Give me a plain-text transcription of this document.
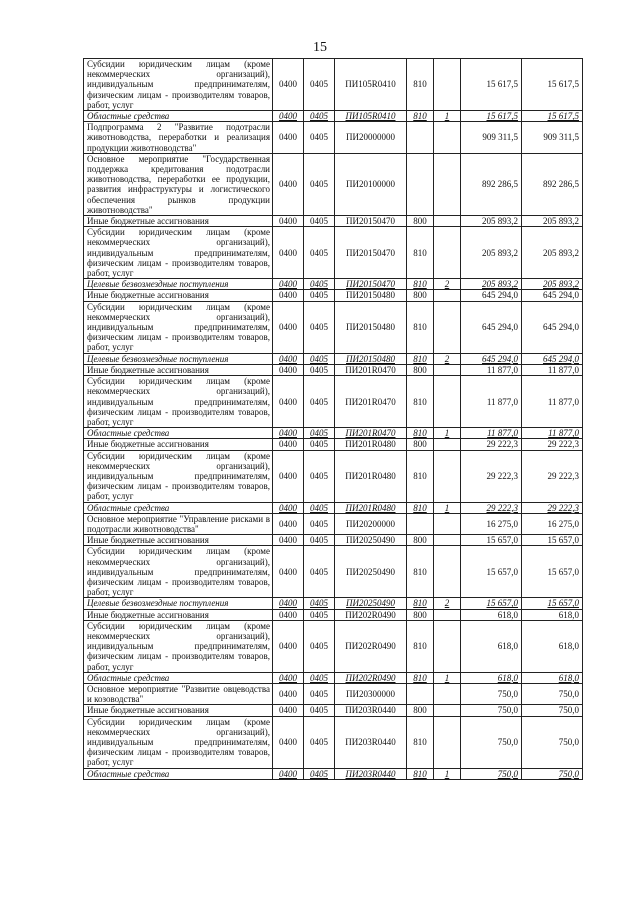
15
Субсидии юридическим лицам (кроме некоммерческих организаций), индивидуальным предпринимателям, физическим лицам - производителям товаров, работ, услуг	0400	0405	ПИ105R0410	810		15 617,5	15 617,5
Областные средства	0400	0405	ПИ105R0410	810	1	15 617,5	15 617,5
Подпрограмма 2 "Развитие подотрасли животноводства, переработки и реализация продукции животноводства"	0400	0405	ПИ20000000			909 311,5	909 311,5
Основное мероприятие "Государственная поддержка кредитования подотрасли животноводства, переработки ее продукции, развития инфраструктуры и логистического обеспечения рынков продукции животноводства"	0400	0405	ПИ20100000			892 286,5	892 286,5
Иные бюджетные ассигнования	0400	0405	ПИ20150470	800		205 893,2	205 893,2
Субсидии юридическим лицам (кроме некоммерческих организаций), индивидуальным предпринимателям, физическим лицам - производителям товаров, работ, услуг	0400	0405	ПИ20150470	810		205 893,2	205 893,2
Целевые безвозмездные поступления	0400	0405	ПИ20150470	810	2	205 893,2	205 893,2
Иные бюджетные ассигнования	0400	0405	ПИ20150480	800		645 294,0	645 294,0
Субсидии юридическим лицам (кроме некоммерческих организаций), индивидуальным предпринимателям, физическим лицам - производителям товаров, работ, услуг	0400	0405	ПИ20150480	810		645 294,0	645 294,0
Целевые безвозмездные поступления	0400	0405	ПИ20150480	810	2	645 294,0	645 294,0
Иные бюджетные ассигнования	0400	0405	ПИ201R0470	800		11 877,0	11 877,0
Субсидии юридическим лицам (кроме некоммерческих организаций), индивидуальным предпринимателям, физическим лицам - производителям товаров, работ, услуг	0400	0405	ПИ201R0470	810		11 877,0	11 877,0
Областные средства	0400	0405	ПИ201R0470	810	1	11 877,0	11 877,0
Иные бюджетные ассигнования	0400	0405	ПИ201R0480	800		29 222,3	29 222,3
Субсидии юридическим лицам (кроме некоммерческих организаций), индивидуальным предпринимателям, физическим лицам - производителям товаров, работ, услуг	0400	0405	ПИ201R0480	810		29 222,3	29 222,3
Областные средства	0400	0405	ПИ201R0480	810	1	29 222,3	29 222,3
Основное мероприятие "Управление рисками в подотрасли животноводства"	0400	0405	ПИ20200000			16 275,0	16 275,0
Иные бюджетные ассигнования	0400	0405	ПИ20250490	800		15 657,0	15 657,0
Субсидии юридическим лицам (кроме некоммерческих организаций), индивидуальным предпринимателям, физическим лицам - производителям товаров, работ, услуг	0400	0405	ПИ20250490	810		15 657,0	15 657,0
Целевые безвозмездные поступления	0400	0405	ПИ20250490	810	2	15 657,0	15 657,0
Иные бюджетные ассигнования	0400	0405	ПИ202R0490	800		618,0	618,0
Субсидии юридическим лицам (кроме некоммерческих организаций), индивидуальным предпринимателям, физическим лицам - производителям товаров, работ, услуг	0400	0405	ПИ202R0490	810		618,0	618,0
Областные средства	0400	0405	ПИ202R0490	810	1	618,0	618,0
Основное мероприятие "Развитие овцеводства и козоводства"	0400	0405	ПИ20300000			750,0	750,0
Иные бюджетные ассигнования	0400	0405	ПИ203R0440	800		750,0	750,0
Субсидии юридическим лицам (кроме некоммерческих организаций), индивидуальным предпринимателям, физическим лицам - производителям товаров, работ, услуг	0400	0405	ПИ203R0440	810		750,0	750,0
Областные средства	0400	0405	ПИ203R0440	810	1	750,0	750,0
